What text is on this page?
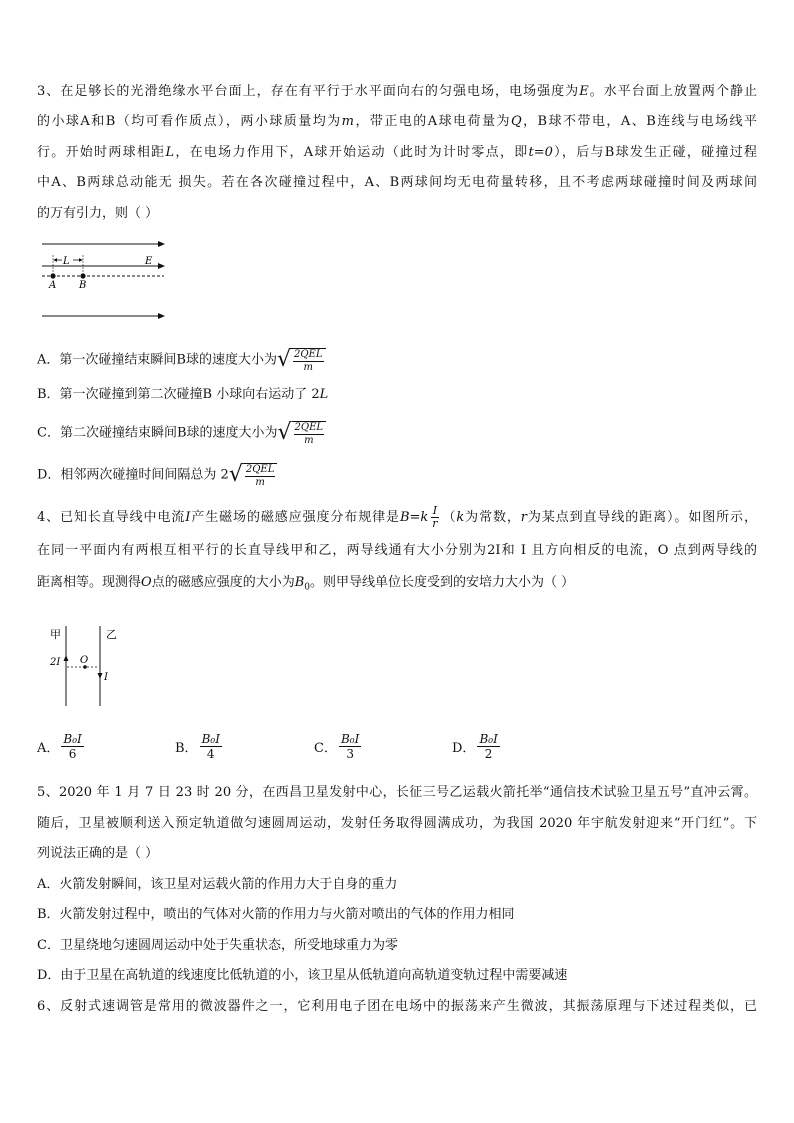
3、在足够长的光滑绝缘水平台面上，存在有平行于水平面向右的匀强电场，电场强度为E。水平台面上放置两个静止
的小球A和B（均可看作质点），两小球质量均为m，带正电的A球电荷量为Q，B球不带电，A、B连线与电场线平
行。开始时两球相距L，在电场力作用下，A球开始运动（此时为计时零点，即t=0），后与B球发生正碰，碰撞过程
中A、B两球总动能无 损失。若在各次碰撞过程中，A、B两球间均无电荷量转移，且不考虑两球碰撞时间及两球间
的万有引力，则（ ）
L	E
A B
A．第一次碰撞结束瞬间B球的速度大小为 √ 2QEL
m
B．第一次碰撞到第二次碰撞B 小球向右运动了 2L
C．第二次碰撞结束瞬间B球的速度大小为 √ 2QEL
m
D．相邻两次碰撞时间间隔总为 2 √ 2QEL
m
4、已知长直导线中电流I产生磁场的磁感应强度分布规律是$B=k \frac{I}{r} (k$为常数，r为某点到直导线的距离）。如图所示，
在同一平面内有两根互相平行的长直导线甲和乙，两导线通有大小分别为2I和 I 且方向相反的电流，O 点到两导线的
距离相等。现测得O点的磁感应强度的大小为$B_0$。则甲导线单位长度受到的安培力大小为（ ）
甲	乙
2I O
I
A． $\frac{\text{B₀I}}{6}$	B． $\frac{\text{B₀I}}{4}$	C． $\frac{\text{B₀I}}{3}$	D． $\frac{\text{B₀I}}{2}$
5、2020 年 1 月 7 日 23 时 20 分，在西昌卫星发射中心，长征三号乙运载火箭托举“通信技术试验卫星五号”直冲云霄。
随后，卫星被顺利送入预定轨道做匀速圆周运动，发射任务取得圆满成功，为我国 2020 年宇航发射迎来“开门红”。下
列说法正确的是（ ）
A．火箭发射瞬间，该卫星对运载火箭的作用力大于自身的重力
B．火箭发射过程中，喷出的气体对火箭的作用力与火箭对喷出的气体的作用力相同
C．卫星绕地匀速圆周运动中处于失重状态，所受地球重力为零
D．由于卫星在高轨道的线速度比低轨道的小，该卫星从低轨道向高轨道变轨过程中需要减速
6、反射式速调管是常用的微波器件之一，它利用电子团在电场中的振荡来产生微波，其振荡原理与下述过程类似，已
